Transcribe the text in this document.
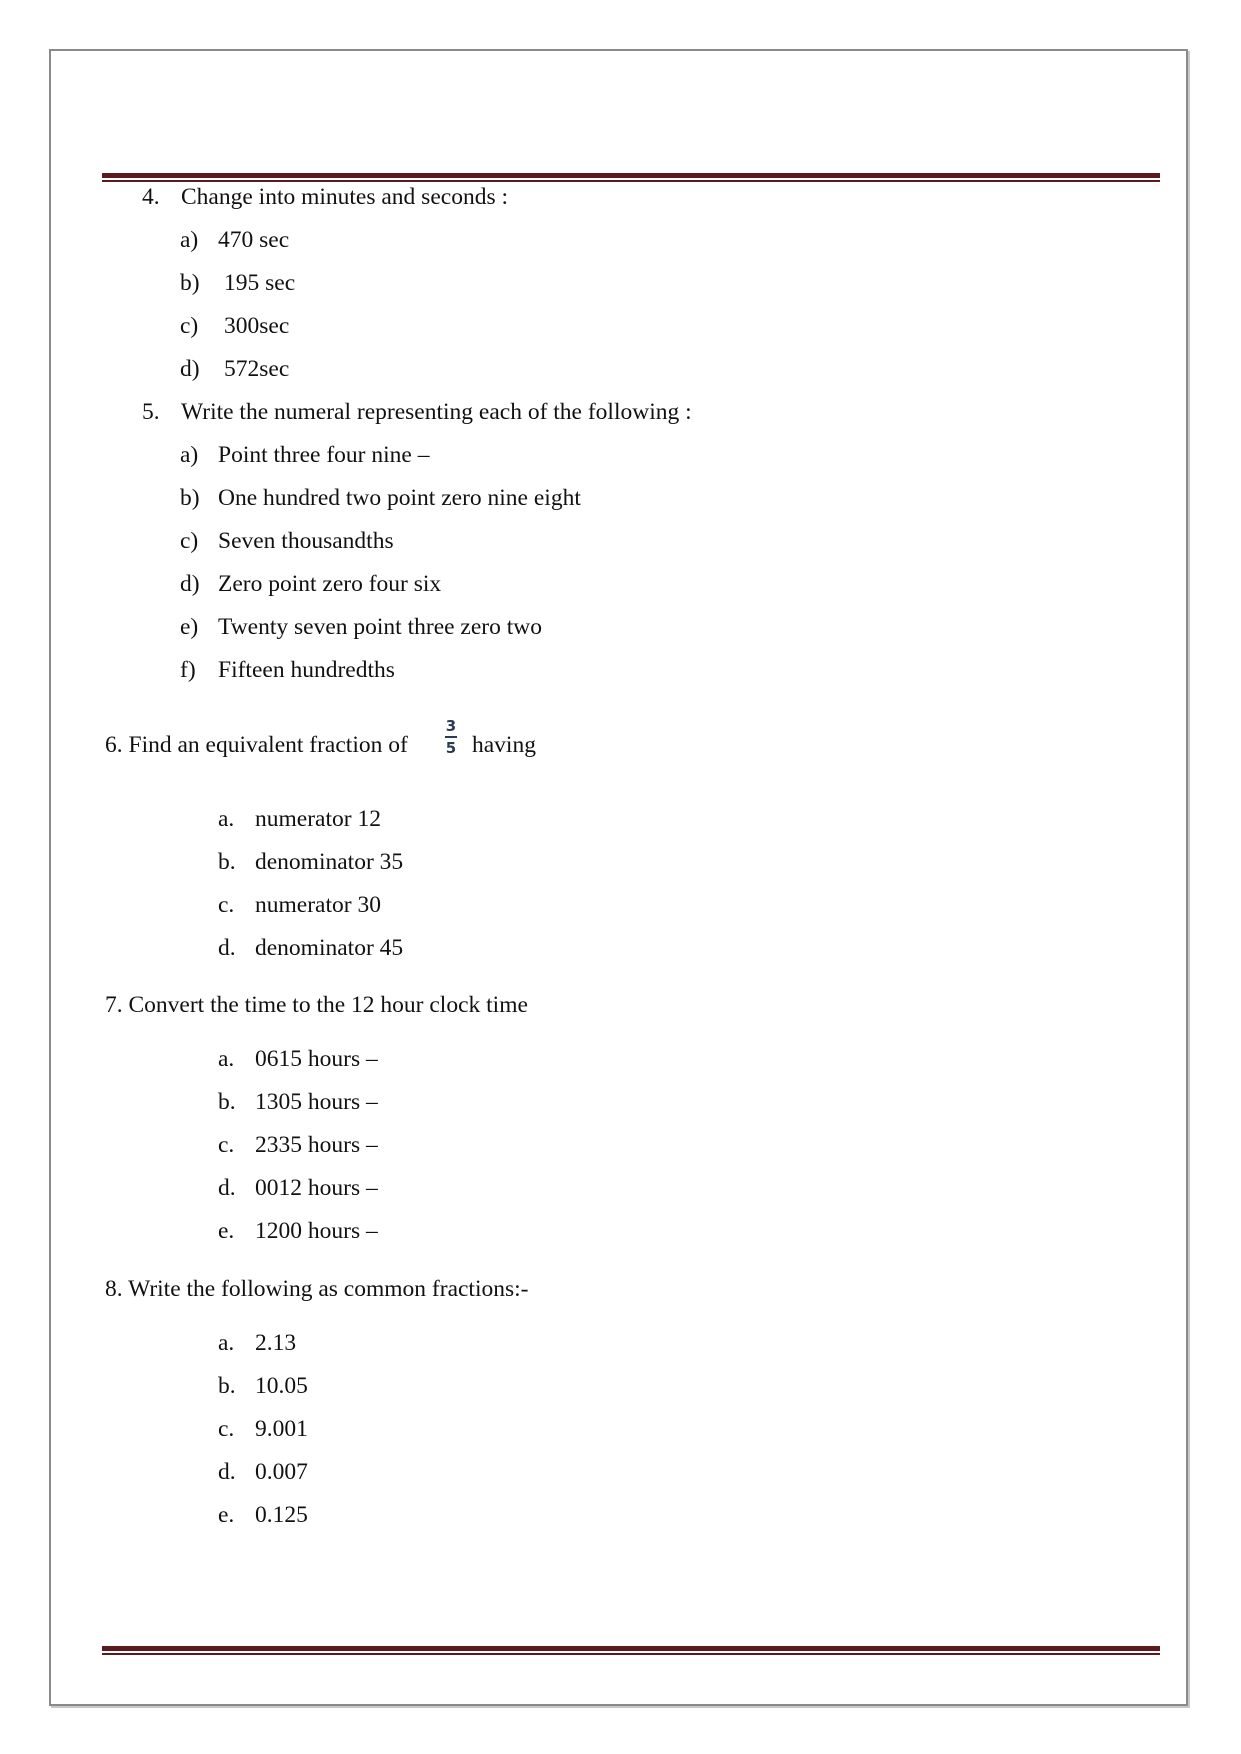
4. Change into minutes and seconds :
a) 470 sec
b) 195 sec
c) 300sec
d) 572sec
5. Write the numeral representing each of the following :
a) Point three four nine –
b) One hundred two point zero nine eight
c) Seven thousandths
d) Zero point zero four six
e) Twenty seven point three zero two
f) Fifteen hundredths
6. Find an equivalent fraction of	having
3
5
a. numerator 12
b. denominator 35
c. numerator 30
d. denominator 45
7. Convert the time to the 12 hour clock time
a. 0615 hours –
b. 1305 hours –
c. 2335 hours –
d. 0012 hours –
e. 1200 hours –
8. Write the following as common fractions:-
a. 2.13
b. 10.05
c. 9.001
d. 0.007
e. 0.125
